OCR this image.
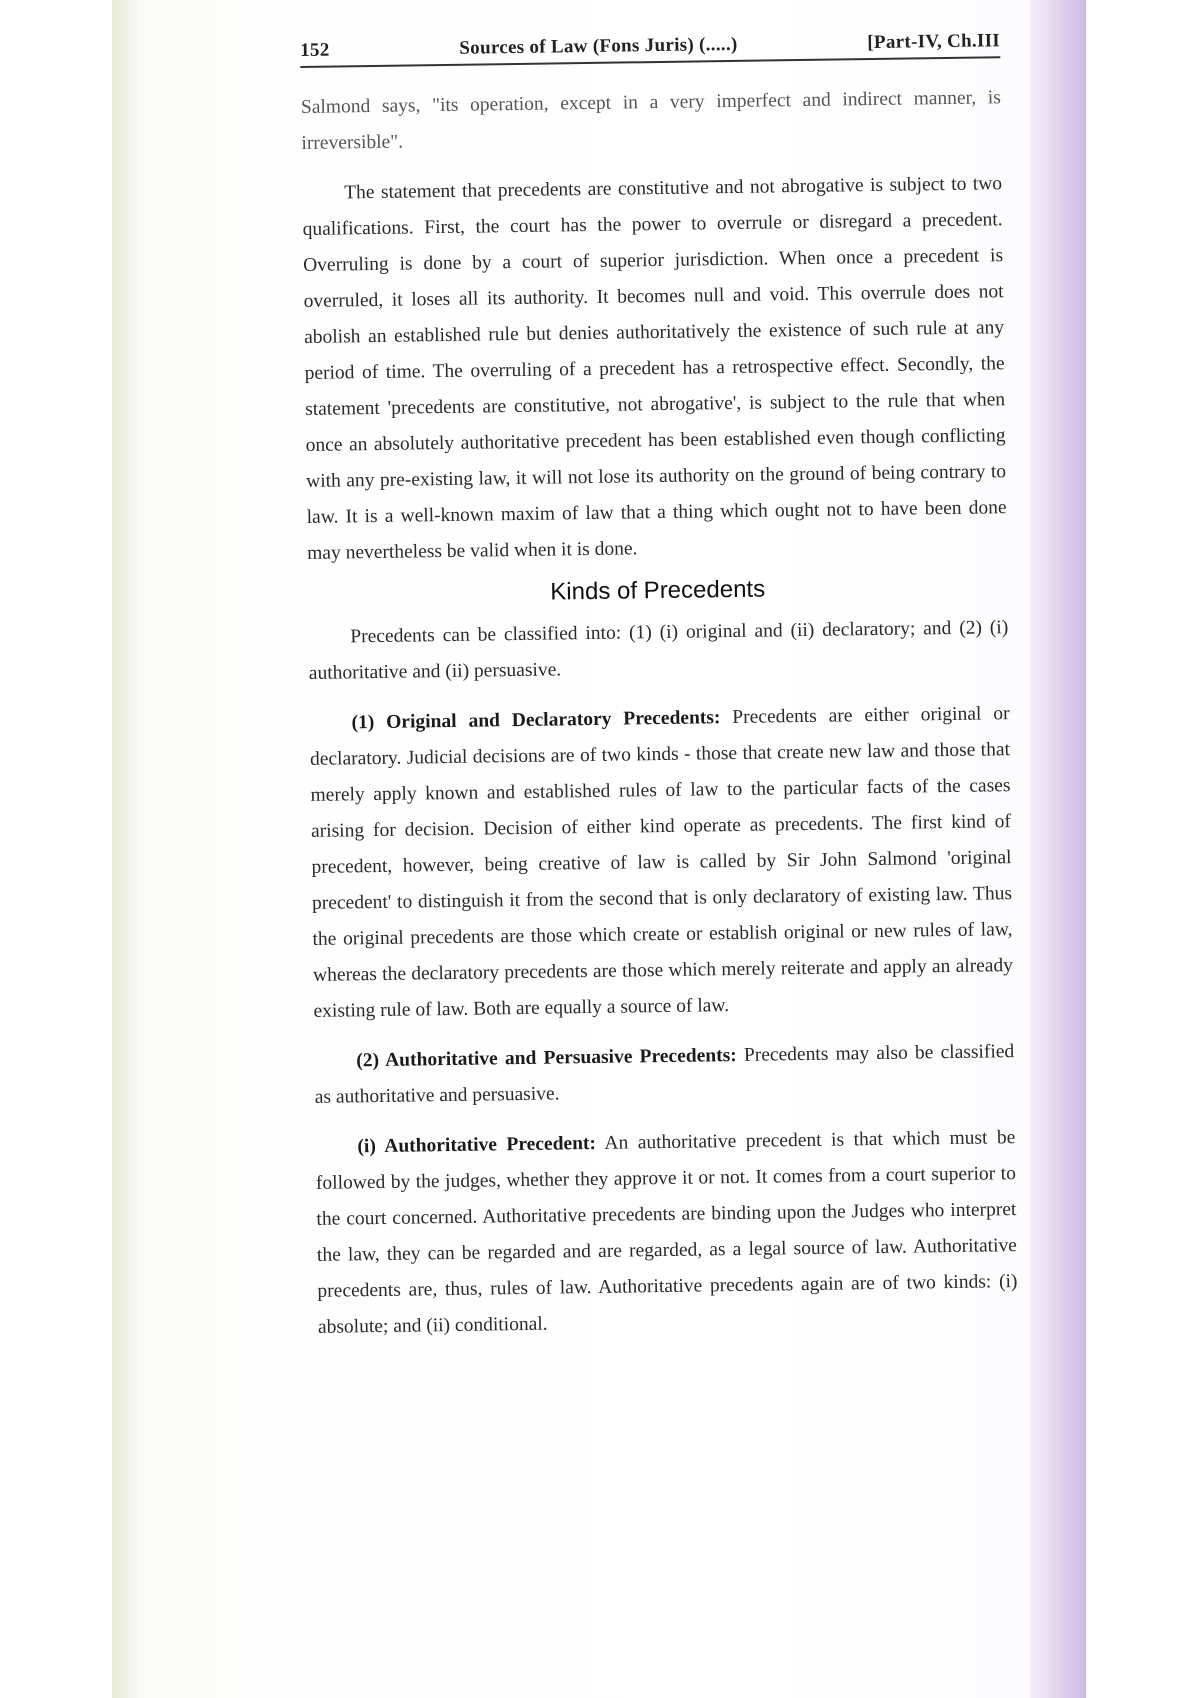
152	Sources of Law (Fons Juris) (.....)	[Part-IV, Ch.III

Salmond says, "its operation, except in a very imperfect and indirect manner, is irreversible".

The statement that precedents are constitutive and not abrogative is subject to two qualifications. First, the court has the power to overrule or disregard a precedent. Overruling is done by a court of superior jurisdiction. When once a precedent is overruled, it loses all its authority. It becomes null and void. This overrule does not abolish an established rule but denies authoritatively the existence of such rule at any period of time. The overruling of a precedent has a retrospective effect. Secondly, the statement 'precedents are constitutive, not abrogative', is subject to the rule that when once an absolutely authoritative precedent has been established even though conflicting with any pre-existing law, it will not lose its authority on the ground of being contrary to law. It is a well-known maxim of law that a thing which ought not to have been done may nevertheless be valid when it is done.

Kinds of Precedents

Precedents can be classified into: (1) (i) original and (ii) declaratory; and (2) (i) authoritative and (ii) persuasive.

(1) Original and Declaratory Precedents: Precedents are either original or declaratory. Judicial decisions are of two kinds - those that create new law and those that merely apply known and established rules of law to the particular facts of the cases arising for decision. Decision of either kind operate as precedents. The first kind of precedent, however, being creative of law is called by Sir John Salmond 'original precedent' to distinguish it from the second that is only declaratory of existing law. Thus the original precedents are those which create or establish original or new rules of law, whereas the declaratory precedents are those which merely reiterate and apply an already existing rule of law. Both are equally a source of law.

(2) Authoritative and Persuasive Precedents: Precedents may also be classified as authoritative and persuasive.

(i) Authoritative Precedent: An authoritative precedent is that which must be followed by the judges, whether they approve it or not. It comes from a court superior to the court concerned. Authoritative precedents are binding upon the Judges who interpret the law, they can be regarded and are regarded, as a legal source of law. Authoritative precedents are, thus, rules of law. Authoritative precedents again are of two kinds: (i) absolute; and (ii) conditional.
